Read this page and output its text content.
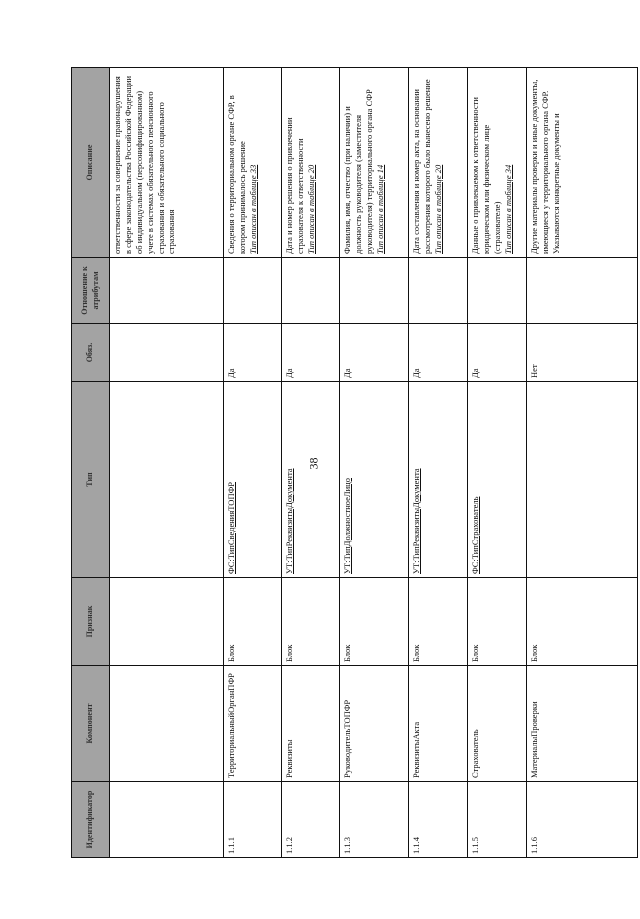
38
Идентификатор	Компонент	Признак	Тип	Обяз.	Отношение к атрибутам	Описание
						ответственности за совершение правонарушения в сфере законодательства Российской Федерации об индивидуальном (персонифицированном) учете в системах обязательного пенсионного страхования и обязательного социального страхования
1.1.1	ТерриториальныйОрганПФР	Блок	ФС:ТипСведенияТОПФР	Да		Сведения о территориальном органе СФР, в котором принималось решение Тип описан в таблице 33

1.1.2	Реквизиты	Блок	УТ:ТипРеквизитыДокумента	Да		Дата и номер решения о привлечении страхователя к ответственности Тип описан в таблице 20

1.1.3	РуководительТОПФР	Блок	УТ:ТипДолжностноеЛицо	Да		Фамилия, имя, отчество (при наличии) и должность руководителя (заместителя руководителя) территориального органа СФР Тип описан в таблице 14

1.1.4	РеквизитыАкта	Блок	УТ:ТипРеквизитыДокумента	Да		Дата составления и номер акта, на основании рассмотрения которого было вынесено решение Тип описан в таблице 20

1.1.5	Страхователь	Блок	ФС:ТипСтрахователь	Да		Данные о привлекаемом к ответственности юридическом или физическом лице (страхователе) Тип описан в таблице 34

1.1.6	МатериалыПроверки	Блок		Нет		Другие материалы проверки и иные документы, имеющиеся у территориального органа СФР. Указываются конкретные документы и
